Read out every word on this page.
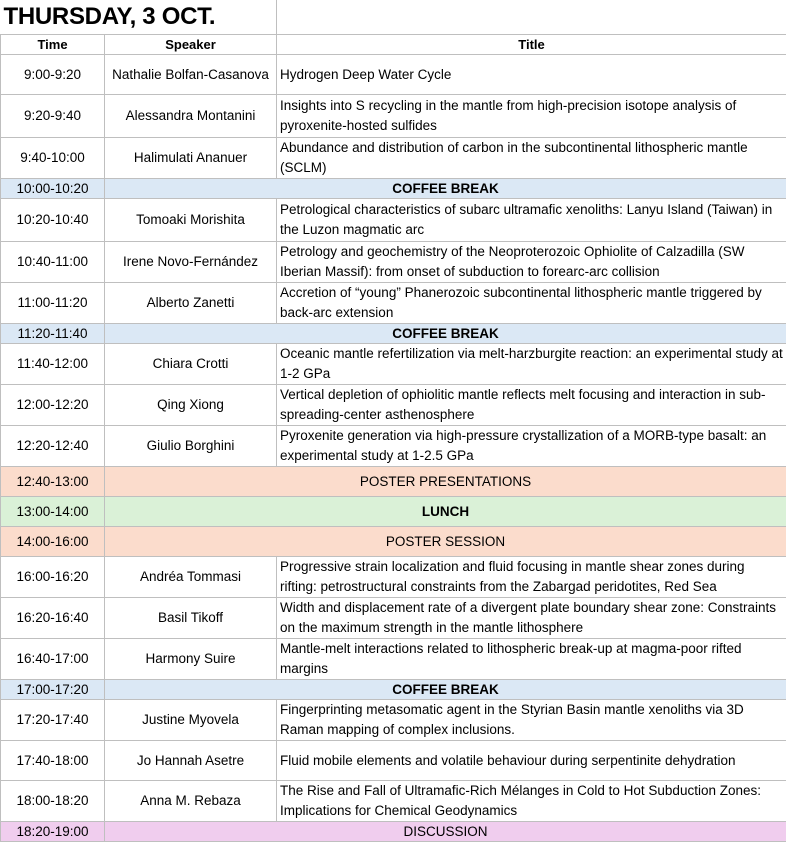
THURSDAY, 3 OCT.		
Time	Speaker	Title
9:00-9:20	Nathalie Bolfan-Casanova	Hydrogen Deep Water Cycle
9:20-9:40	Alessandra Montanini	Insights into S recycling in the mantle from high-precision isotope analysis of pyroxenite-hosted sulfides
9:40-10:00	Halimulati Ananuer	Abundance and distribution of carbon in the subcontinental lithospheric mantle (SCLM)
10:00-10:20	COFFEE BREAK	
10:20-10:40	Tomoaki Morishita	Petrological characteristics of subarc ultramafic xenoliths: Lanyu Island (Taiwan) in the Luzon magmatic arc
10:40-11:00	Irene Novo-Fernández	Petrology and geochemistry of the Neoproterozoic Ophiolite of Calzadilla (SW Iberian Massif): from onset of subduction to forearc-arc collision
11:00-11:20	Alberto Zanetti	Accretion of “young” Phanerozoic subcontinental lithospheric mantle triggered by back-arc extension
11:20-11:40	COFFEE BREAK	
11:40-12:00	Chiara Crotti	Oceanic mantle refertilization via melt-harzburgite reaction: an experimental study at 1-2 GPa
12:00-12:20	Qing Xiong	Vertical depletion of ophiolitic mantle reflects melt focusing and interaction in sub-spreading-center asthenosphere
12:20-12:40	Giulio Borghini	Pyroxenite generation via high-pressure crystallization of a MORB-type basalt: an experimental study at 1-2.5 GPa
12:40-13:00	POSTER PRESENTATIONS	
13:00-14:00	LUNCH	
14:00-16:00	POSTER SESSION	
16:00-16:20	Andréa Tommasi	Progressive strain localization and fluid focusing in mantle shear zones during rifting: petrostructural constraints from the Zabargad peridotites, Red Sea
16:20-16:40	Basil Tikoff	Width and displacement rate of a divergent plate boundary shear zone: Constraints on the maximum strength in the mantle lithosphere
16:40-17:00	Harmony Suire	Mantle-melt interactions related to lithospheric break-up at magma-poor rifted margins
17:00-17:20	COFFEE BREAK	
17:20-17:40	Justine Myovela	Fingerprinting metasomatic agent in the Styrian Basin mantle xenoliths via 3D Raman mapping of complex inclusions.
17:40-18:00	Jo Hannah Asetre	Fluid mobile elements and volatile behaviour during serpentinite dehydration
18:00-18:20	Anna M. Rebaza	The Rise and Fall of Ultramafic-Rich Mélanges in Cold to Hot Subduction Zones: Implications for Chemical Geodynamics
18:20-19:00	DISCUSSION	
